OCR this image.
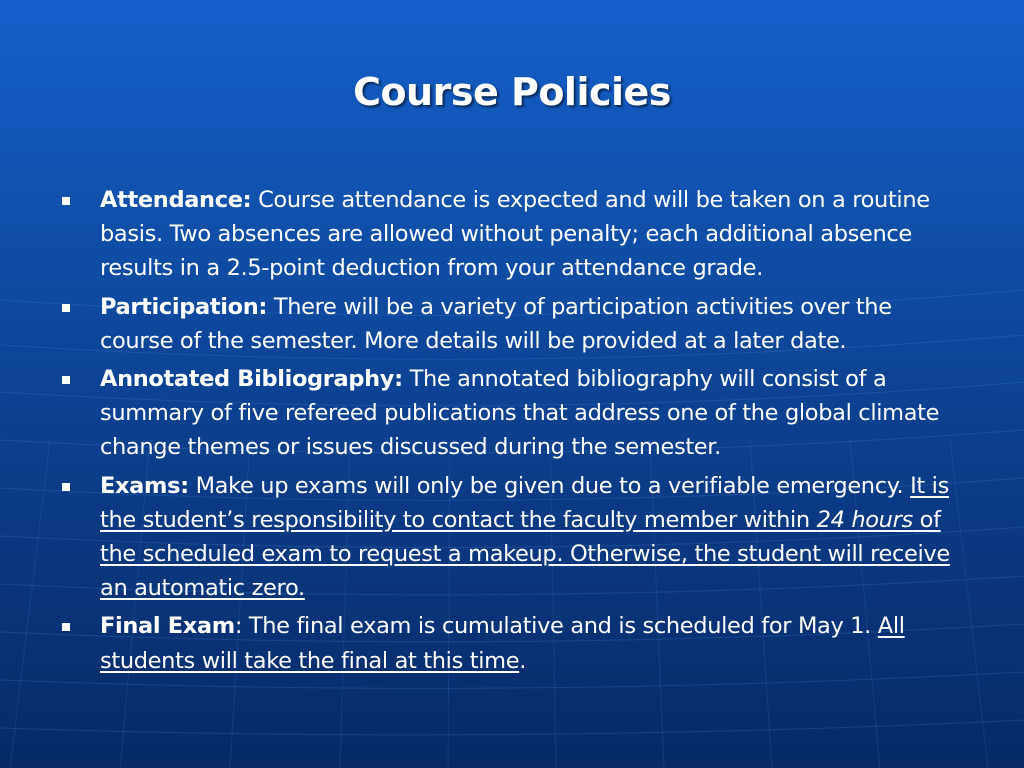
Course Policies
Attendance: Course attendance is expected and will be taken on a routine basis. Two absences are allowed without penalty; each additional absence results in a 2.5-point deduction from your attendance grade.
Participation: There will be a variety of participation activities over the course of the semester. More details will be provided at a later date.
Annotated Bibliography: The annotated bibliography will consist of a summary of five refereed publications that address one of the global climate change themes or issues discussed during the semester.
Exams: Make up exams will only be given due to a verifiable emergency. It is the student’s responsibility to contact the faculty member within 24 hours of the scheduled exam to request a makeup. Otherwise, the student will receive an automatic zero.
Final Exam: The final exam is cumulative and is scheduled for May 1. All students will take the final at this time.
